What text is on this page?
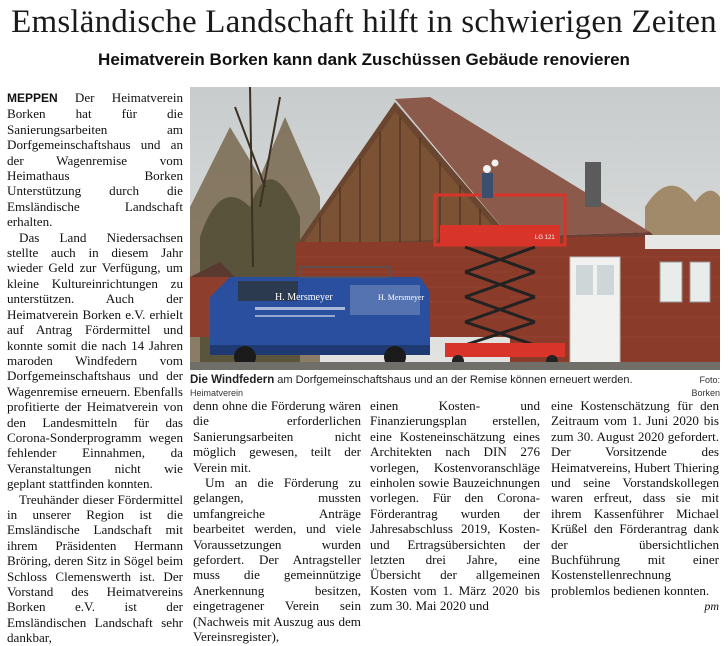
Emsländische Landschaft hilft in schwierigen Zeiten
Heimatverein Borken kann dank Zuschüssen Gebäude renovieren

MEPPEN Der Heimatverein Borken hat für die Sanierungsarbeiten am Dorfgemeinschaftshaus und an der Wagenremise vom Heimathaus Borken Unterstützung durch die Emsländische Landschaft erhalten.

Das Land Niedersachsen stellte auch in diesem Jahr wieder Geld zur Verfügung, um kleine Kultureinrichtungen zu unterstützen. Auch der Heimatverein Borken e.V. erhielt auf Antrag Fördermittel und konnte somit die nach 14 Jahren maroden Windfedern vom Dorfgemeinschaftshaus und der Wagenremise erneuern. Ebenfalls profitierte der Heimatverein von den Landesmitteln für das Corona-Sonderprogramm wegen fehlender Einnahmen, da Veranstaltungen nicht wie geplant stattfinden konnten.

Treuhänder dieser Fördermittel in unserer Region ist die Emsländische Landschaft mit ihrem Präsidenten Hermann Bröring, deren Sitz in Sögel beim Schloss Clemenswerth ist. Der Vorstand des Heimatvereins Borken e.V. ist der Emsländischen Landschaft sehr dankbar,

LG 121
H. Mersmeyer	H. Mersmeyer
Die Windfedern am Dorfgemeinschaftshaus und an der Remise können erneuert werden.	Foto:

Heimatverein	Borken

denn ohne die Förderung wären die erforderlichen Sanierungsarbeiten nicht möglich gewesen, teilt der Verein mit.

Um an die Förderung zu gelangen, mussten umfangreiche Anträge bearbeitet werden, und viele Voraussetzungen wurden gefordert. Der Antragsteller muss die gemeinnützige Anerkennung besitzen, eingetragener Verein sein (Nachweis mit Auszug aus dem Vereinsregister),

einen Kosten- und Finanzierungsplan erstellen, eine Kosteneinschätzung eines Architekten nach DIN 276 vorlegen, Kostenvoranschläge einholen sowie Bauzeichnungen vorlegen. Für den Corona-Förderantrag wurden der Jahresabschluss 2019, Kosten- und Ertragsübersichten der letzten drei Jahre, eine Übersicht der allgemeinen Kosten vom 1. März 2020 bis zum 30. Mai 2020 und

eine Kostenschätzung für den Zeitraum vom 1. Juni 2020 bis zum 30. August 2020 gefordert. Der Vorsitzende des Heimatvereins, Hubert Thiering und seine Vorstandskollegen waren erfreut, dass sie mit ihrem Kassenführer Michael Krüßel den Förderantrag dank der übersichtlichen Buchführung mit einer Kostenstellenrechnung problemlos bedienen konnten.

pm
